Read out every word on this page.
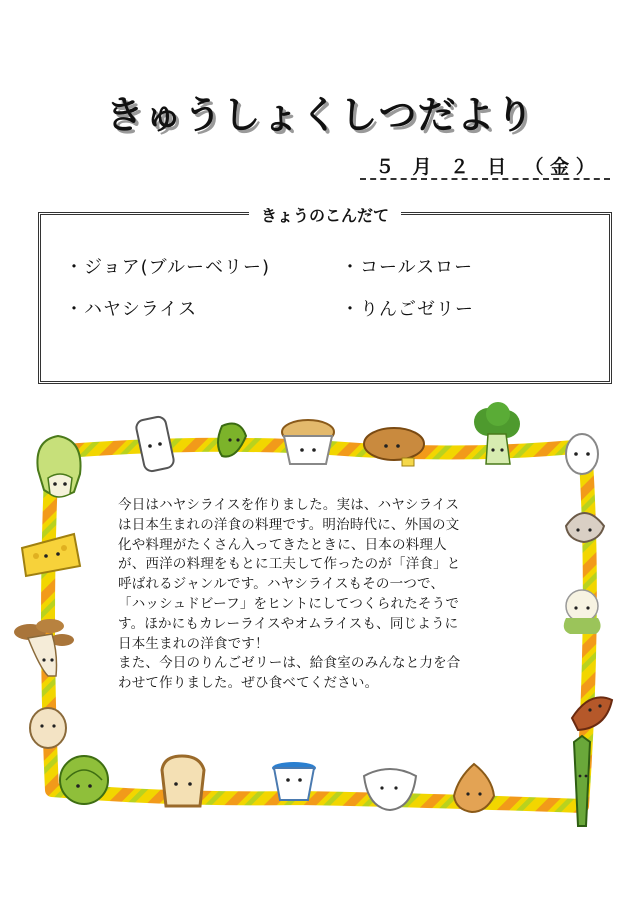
きゅうしょくしつだより
５ 月 ２ 日 （ 金 ）
きょうのこんだて
・ジョア(ブルーベリー)	・コールスロー
・ハヤシライス	・りんごゼリー

今日はハヤシライスを作りました。実は、ハヤシライス

は日本生まれの洋食の料理です。明治時代に、外国の文

化や料理がたくさん入ってきたときに、日本の料理人

が、西洋の料理をもとに工夫して作ったのが「洋食」と

呼ばれるジャンルです。ハヤシライスもその一つで、

「ハッシュドビーフ」をヒントにしてつくられたそうで

す。ほかにもカレーライスやオムライスも、同じように

日本生まれの洋食です！

また、今日のりんごゼリーは、給食室のみんなと力を合

わせて作りました。ぜひ食べてください。
